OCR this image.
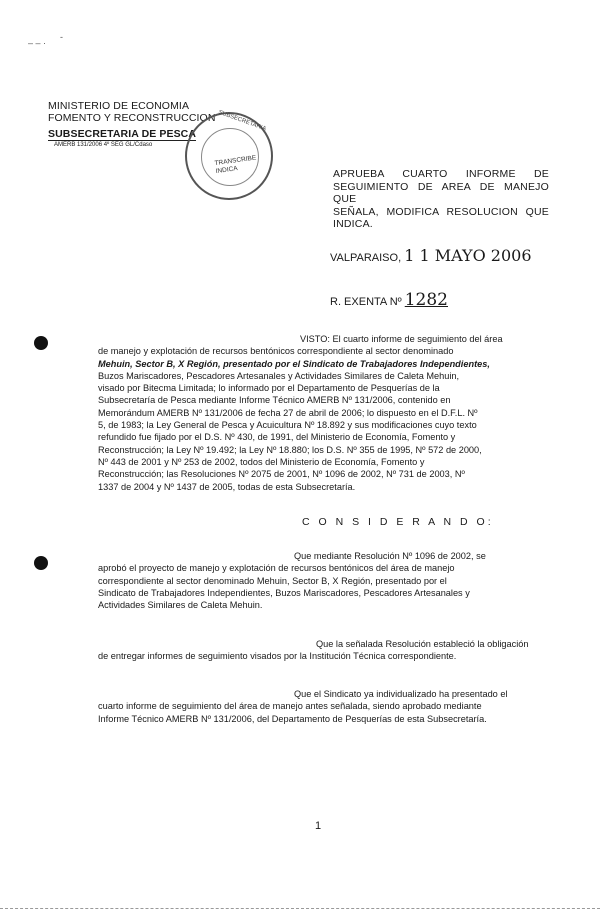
– – ·
-
MINISTERIO DE ECONOMIA
FOMENTO Y RECONSTRUCCION
SUBSECRETARIA DE PESCA
AMERB 131/2006 4º SEG GL/Cdaso
SUBSECRETARIA
TRANSCRIBE
INDICA	APRUEBA CUARTO INFORME DE
SEGUIMIENTO DE AREA DE MANEJO QUE
SEÑALA, MODIFICA RESOLUCION QUE
INDICA.
VALPARAISO, 1 1 MAYO 2006
R. EXENTA Nº 1282

VISTO: El cuarto informe de seguimiento del área

de manejo y explotación de recursos bentónicos correspondiente al sector denominado

Mehuin, Sector B, X Región, presentado por el Sindicato de Trabajadores Independientes,

Buzos Mariscadores, Pescadores Artesanales y Actividades Similares de Caleta Mehuin,

visado por Bitecma Limitada; lo informado por el Departamento de Pesquerías de la

Subsecretaría de Pesca mediante Informe Técnico AMERB Nº 131/2006, contenido en

Memorándum AMERB Nº 131/2006 de fecha 27 de abril de 2006; lo dispuesto en el D.F.L. Nº

5, de 1983; la Ley General de Pesca y Acuicultura Nº 18.892 y sus modificaciones cuyo texto

refundido fue fijado por el D.S. Nº 430, de 1991, del Ministerio de Economía, Fomento y

Reconstrucción; la Ley Nº 19.492; la Ley Nº 18.880; los D.S. Nº 355 de 1995, Nº 572 de 2000,

Nº 443 de 2001 y Nº 253 de 2002, todos del Ministerio de Economía, Fomento y

Reconstrucción; las Resoluciones Nº 2075 de 2001, Nº 1096 de 2002, Nº 731 de 2003, Nº

1337 de 2004 y Nº 1437 de 2005, todas de esta Subsecretaría.

C O N S I D E R A N D O:

Que mediante Resolución Nº 1096 de 2002, se

aprobó el proyecto de manejo y explotación de recursos bentónicos del área de manejo

correspondiente al sector denominado Mehuin, Sector B, X Región, presentado por el

Sindicato de Trabajadores Independientes, Buzos Mariscadores, Pescadores Artesanales y

Actividades Similares de Caleta Mehuin.

Que la señalada Resolución estableció la obligación

de entregar informes de seguimiento visados por la Institución Técnica correspondiente.

Que el Sindicato ya individualizado ha presentado el

cuarto informe de seguimiento del área de manejo antes señalada, siendo aprobado mediante

Informe Técnico AMERB Nº 131/2006, del Departamento de Pesquerías de esta Subsecretaría.

1
